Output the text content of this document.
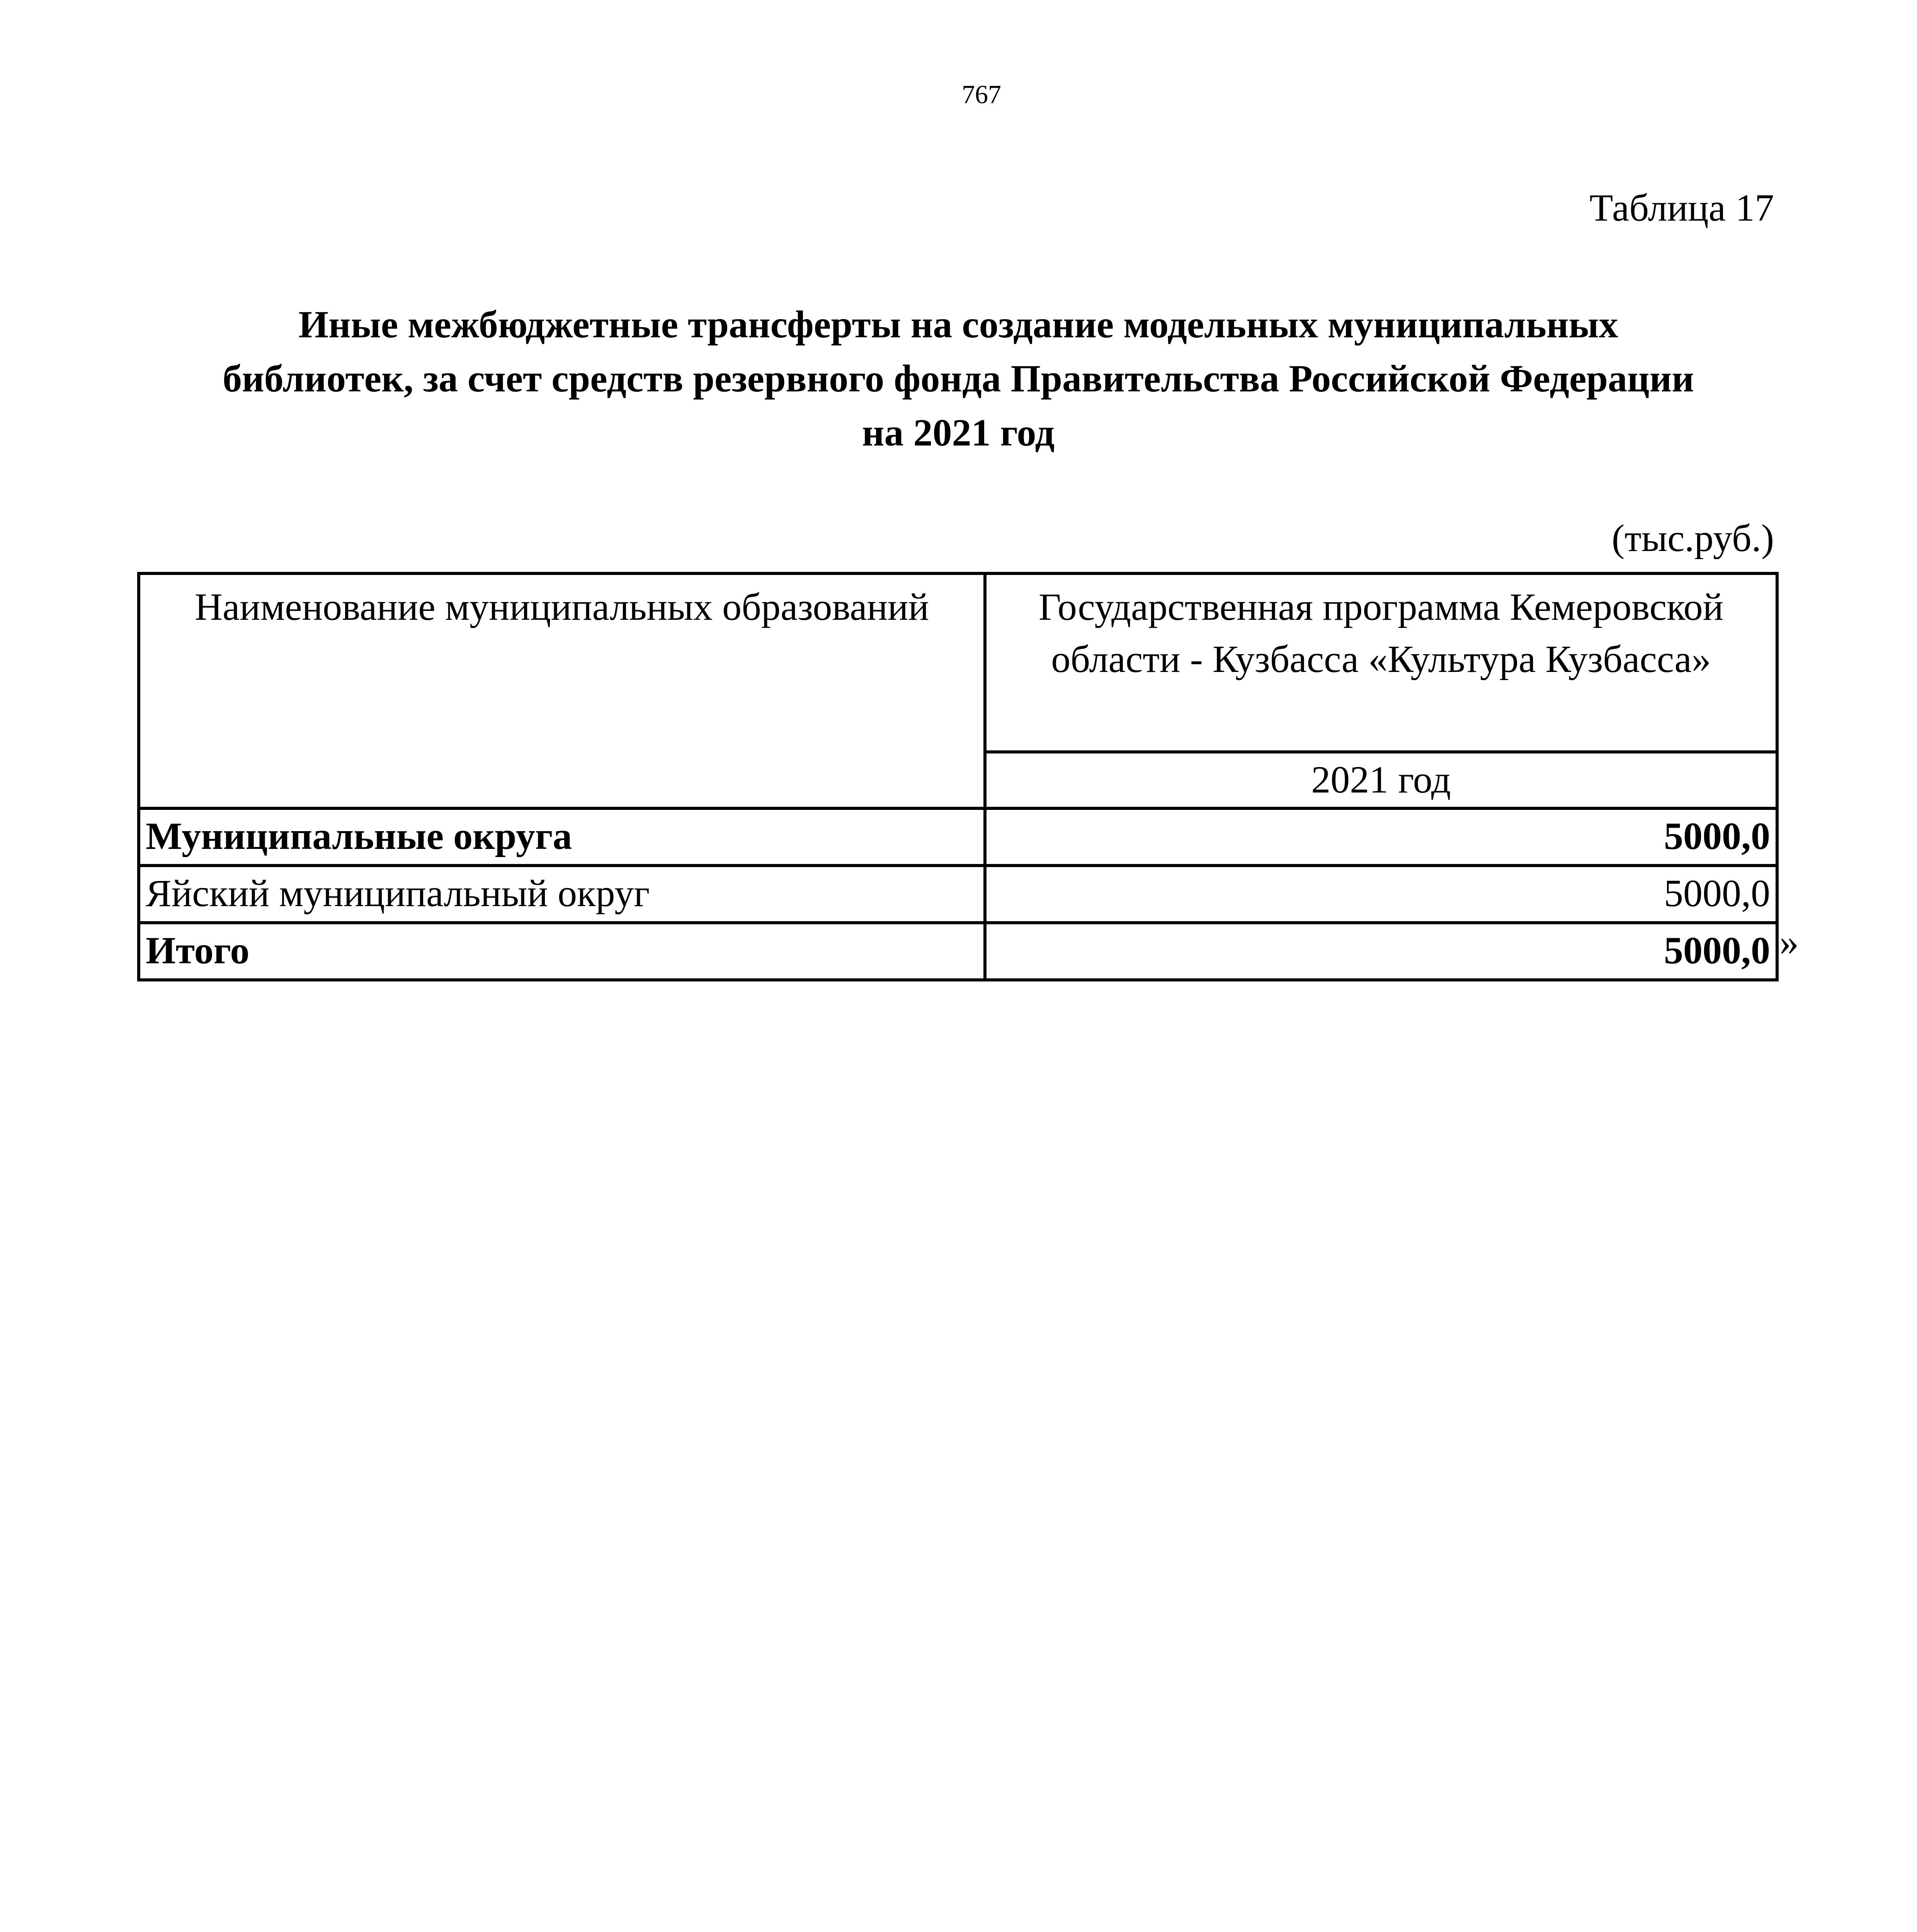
767
Таблица 17
Иные межбюджетные трансферты на создание модельных муниципальных
библиотек, за счет средств резервного фонда Правительства Российской Федерации
на 2021 год
(тыс.руб.)
Наименование муниципальных образований	Государственная программа Кемеровской
области - Кузбасса «Культура Кузбасса»

	2021 год
Муниципальные округа	5000,0
Яйский муниципальный округ	5000,0
Итого	5000,0 »
